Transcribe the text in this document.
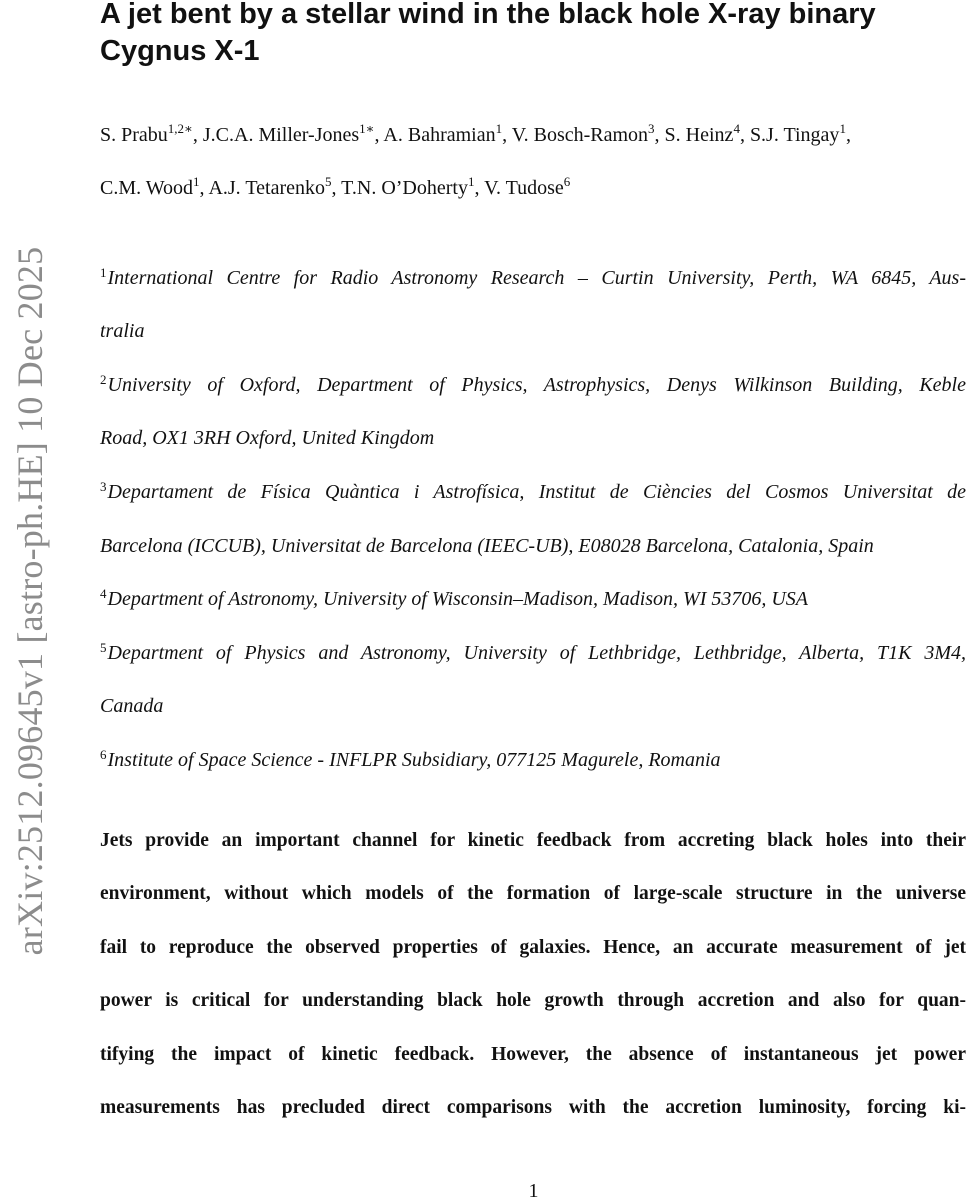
arXiv:2512.09645v1 [astro-ph.HE] 10 Dec 2025
A jet bent by a stellar wind in the black hole X-ray binary
Cygnus X-1
S. Prabu$^{1,2∗}$, J.C.A. Miller-Jones$^{1∗}$, A. Bahramian$^1$, V. Bosch-Ramon$^3$, S. Heinz$^4$, S.J. Tingay$^1$,
C.M. Wood$^1$, A.J. Tetarenko$^5$, T.N. O’Doherty$^1$, V. Tudose$^6$
$^1$International Centre for Radio Astronomy Research – Curtin University, Perth, WA 6845, Aus-
tralia
$^2$University of Oxford, Department of Physics, Astrophysics, Denys Wilkinson Building, Keble
Road, OX1 3RH Oxford, United Kingdom
$^3$Departament de Física Quàntica i Astrofísica, Institut de Ciències del Cosmos Universitat de
Barcelona (ICCUB), Universitat de Barcelona (IEEC-UB), E08028 Barcelona, Catalonia, Spain
$^4$Department of Astronomy, University of Wisconsin–Madison, Madison, WI 53706, USA
$^5$Department of Physics and Astronomy, University of Lethbridge, Lethbridge, Alberta, T1K 3M4,
Canada
$^6$Institute of Space Science - INFLPR Subsidiary, 077125 Magurele, Romania
Jets provide an important channel for kinetic feedback from accreting black holes into their
environment, without which models of the formation of large-scale structure in the universe
fail to reproduce the observed properties of galaxies. Hence, an accurate measurement of jet
power is critical for understanding black hole growth through accretion and also for quan-
tifying the impact of kinetic feedback. However, the absence of instantaneous jet power
measurements has precluded direct comparisons with the accretion luminosity, forcing ki-
1
